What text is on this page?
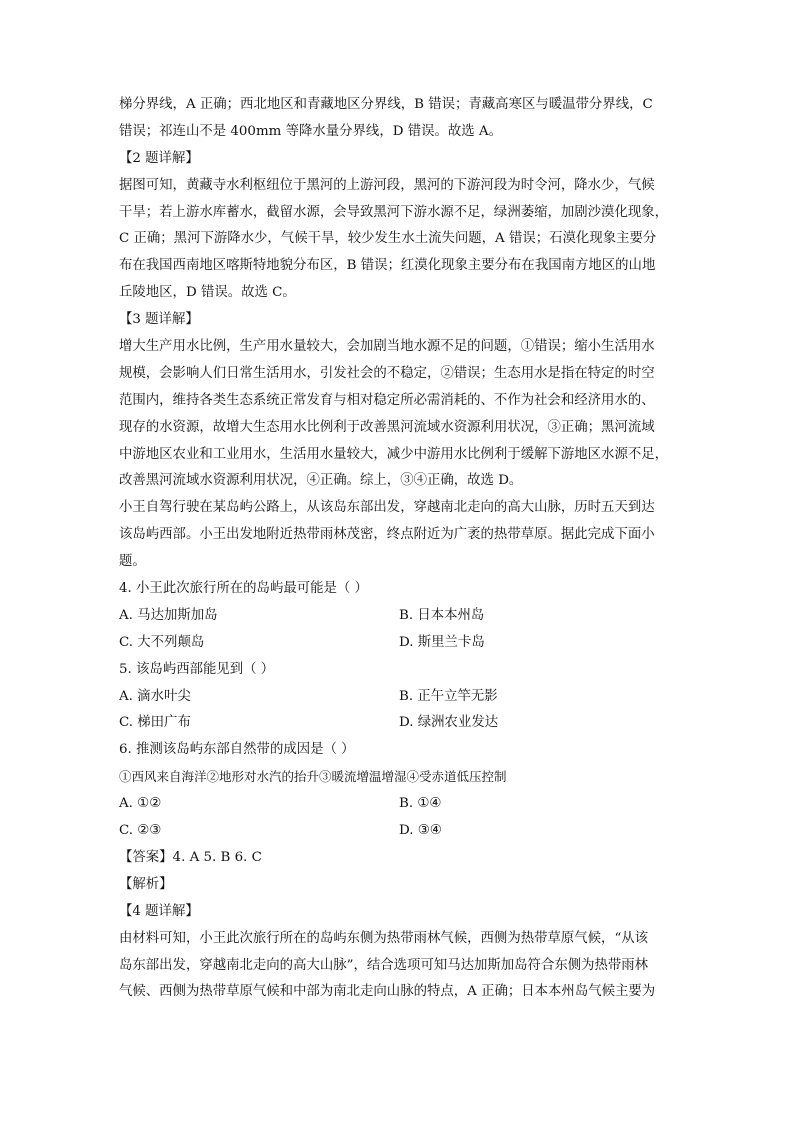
梯分界线，A 正确；西北地区和青藏地区分界线，B 错误；青藏高寒区与暖温带分界线，C
错误；祁连山不是 400mm 等降水量分界线，D 错误。故选 A。
【2 题详解】
据图可知，黄藏寺水利枢纽位于黑河的上游河段，黑河的下游河段为时令河，降水少，气候
干旱；若上游水库蓄水，截留水源，会导致黑河下游水源不足，绿洲萎缩，加剧沙漠化现象，
C 正确；黑河下游降水少，气候干旱，较少发生水土流失问题，A 错误；石漠化现象主要分
布在我国西南地区喀斯特地貌分布区，B 错误；红漠化现象主要分布在我国南方地区的山地
丘陵地区，D 错误。故选 C。
【3 题详解】
增大生产用水比例，生产用水量较大，会加剧当地水源不足的问题，①错误；缩小生活用水
规模，会影响人们日常生活用水，引发社会的不稳定，②错误；生态用水是指在特定的时空
范围内，维持各类生态系统正常发育与相对稳定所必需消耗的、不作为社会和经济用水的、
现存的水资源，故增大生态用水比例利于改善黑河流域水资源利用状况，③正确；黑河流域
中游地区农业和工业用水，生活用水量较大，减少中游用水比例利于缓解下游地区水源不足，
改善黑河流域水资源利用状况，④正确。综上，③④正确，故选 D。
小王自驾行驶在某岛屿公路上，从该岛东部出发，穿越南北走向的高大山脉，历时五天到达
该岛屿西部。小王出发地附近热带雨林茂密，终点附近为广袤的热带草原。据此完成下面小
题。
4. 小王此次旅行所在的岛屿最可能是（ ）
A. 马达加斯加岛	B. 日本本州岛
C. 大不列颠岛	D. 斯里兰卡岛
5. 该岛屿西部能见到（ ）
A. 滴水叶尖	B. 正午立竿无影
C. 梯田广布	D. 绿洲农业发达
6. 推测该岛屿东部自然带的成因是（ ）
①西风来自海洋②地形对水汽的抬升③暖流增温增湿④受赤道低压控制
A. ①②	B. ①④
C. ②③	D. ③④
【答案】4. A 5. B 6. C
【解析】
【4 题详解】
由材料可知，小王此次旅行所在的岛屿东侧为热带雨林气候，西侧为热带草原气候，“从该
岛东部出发，穿越南北走向的高大山脉”，结合选项可知马达加斯加岛符合东侧为热带雨林
气候、西侧为热带草原气候和中部为南北走向山脉的特点，A 正确；日本本州岛气候主要为
